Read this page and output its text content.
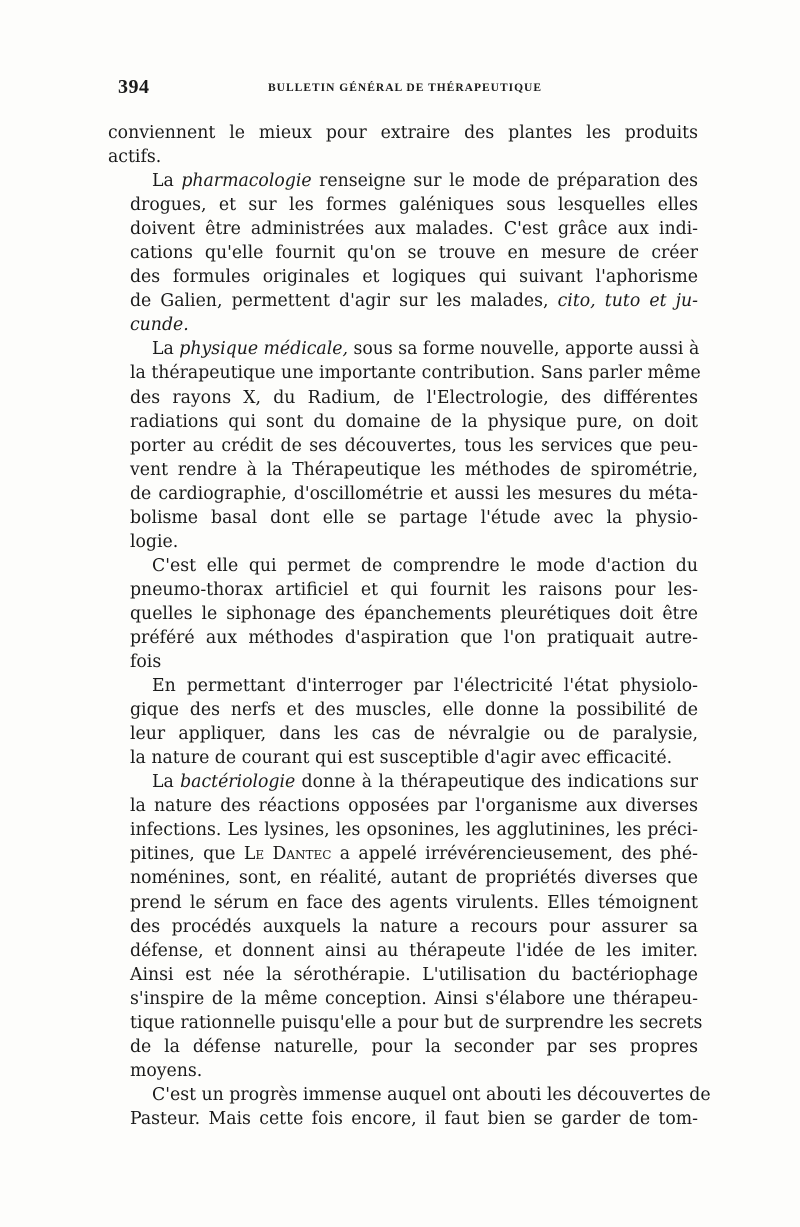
394	BULLETIN GÉNÉRAL DE THÉRAPEUTIQUE
conviennent le mieux pour extraire des plantes les produits
actifs.
La pharmacologie renseigne sur le mode de préparation des
drogues, et sur les formes galéniques sous lesquelles elles
doivent être administrées aux malades. C'est grâce aux indi-
cations qu'elle fournit qu'on se trouve en mesure de créer
des formules originales et logiques qui suivant l'aphorisme
de Galien, permettent d'agir sur les malades, cito, tuto et ju-
cunde.
La physique médicale, sous sa forme nouvelle, apporte aussi à
la thérapeutique une importante contribution. Sans parler même
des rayons X, du Radium, de l'Electrologie, des différentes
radiations qui sont du domaine de la physique pure, on doit
porter au crédit de ses découvertes, tous les services que peu-
vent rendre à la Thérapeutique les méthodes de spirométrie,
de cardiographie, d'oscillométrie et aussi les mesures du méta-
bolisme basal dont elle se partage l'étude avec la physio-
logie.
C'est elle qui permet de comprendre le mode d'action du
pneumo-thorax artificiel et qui fournit les raisons pour les-
quelles le siphonage des épanchements pleurétiques doit être
préféré aux méthodes d'aspiration que l'on pratiquait autre-
fois
En permettant d'interroger par l'électricité l'état physiolo-
gique des nerfs et des muscles, elle donne la possibilité de
leur appliquer, dans les cas de névralgie ou de paralysie,
la nature de courant qui est susceptible d'agir avec efficacité.
La bactériologie donne à la thérapeutique des indications sur
la nature des réactions opposées par l'organisme aux diverses
infections. Les lysines, les opsonines, les agglutinines, les préci-
pitines, que Le Dantec a appelé irrévérencieusement, des phé-
noménines, sont, en réalité, autant de propriétés diverses que
prend le sérum en face des agents virulents. Elles témoignent
des procédés auxquels la nature a recours pour assurer sa
défense, et donnent ainsi au thérapeute l'idée de les imiter.
Ainsi est née la sérothérapie. L'utilisation du bactériophage
s'inspire de la même conception. Ainsi s'élabore une thérapeu-
tique rationnelle puisqu'elle a pour but de surprendre les secrets
de la défense naturelle, pour la seconder par ses propres
moyens.
C'est un progrès immense auquel ont abouti les découvertes de
Pasteur. Mais cette fois encore, il faut bien se garder de tom-
